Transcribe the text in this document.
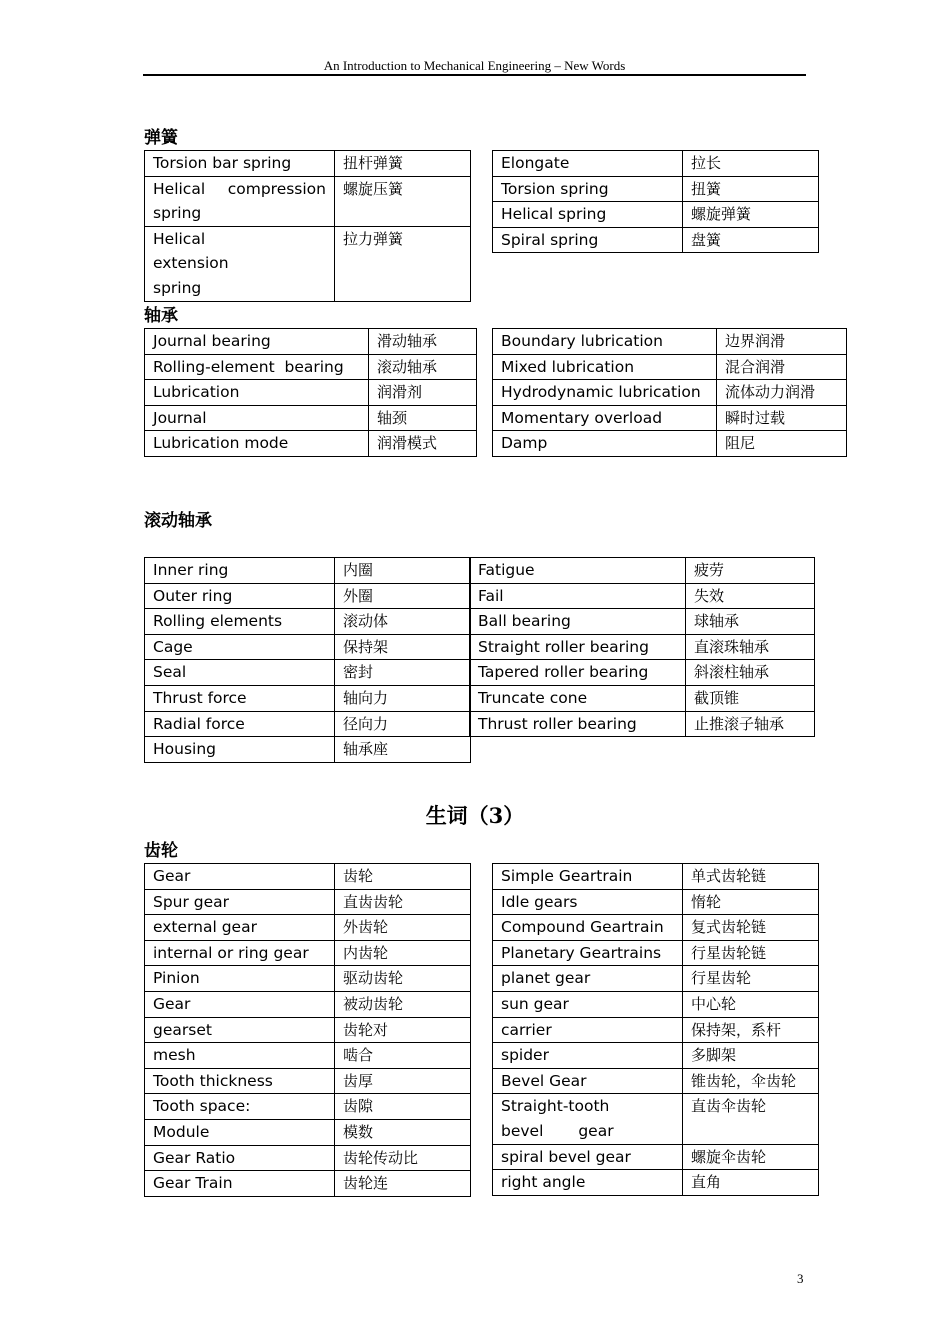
An Introduction to Mechanical Engineering – New Words
弹簧
Torsion bar spring	扭杆弹簧
Helical compression spring	螺旋压簧
Helical extension spring	拉力弹簧
Elongate	拉长
Torsion spring	扭簧
Helical spring	螺旋弹簧
Spiral spring	盘簧
轴承
Journal bearing	滑动轴承
Rolling-element  bearing	滚动轴承
Lubrication	润滑剂
Journal	轴颈
Lubrication mode	润滑模式
Boundary lubrication	边界润滑
Mixed lubrication	混合润滑
Hydrodynamic lubrication	流体动力润滑
Momentary overload	瞬时过载
Damp	阻尼
滚动轴承
Inner ring	内圈
Outer ring	外圈
Rolling elements	滚动体
Cage	保持架
Seal	密封
Thrust force	轴向力
Radial force	径向力
Housing	轴承座
Fatigue	疲劳
Fail	失效
Ball bearing	球轴承
Straight roller bearing	直滚珠轴承
Tapered roller bearing	斜滚柱轴承
Truncate cone	截顶锥
Thrust roller bearing	止推滚子轴承
生词（3）
齿轮
Gear	齿轮
Spur gear	直齿齿轮
external gear	外齿轮
internal or ring gear	内齿轮
Pinion	驱动齿轮
Gear	被动齿轮
gearset	齿轮对
mesh	啮合
Tooth thickness	齿厚
Tooth space:	齿隙
Module	模数
Gear Ratio	齿轮传动比
Gear Train	齿轮连
Simple Geartrain	单式齿轮链
Idle gears	惰轮
Compound Geartrain	复式齿轮链
Planetary Geartrains	行星齿轮链
planet gear	行星齿轮
sun gear	中心轮
carrier	保持架，系杆
spider	多脚架
Bevel Gear	锥齿轮，伞齿轮
Straight-tooth bevel gear	直齿伞齿轮
spiral bevel gear	螺旋伞齿轮
right angle	直角
3
